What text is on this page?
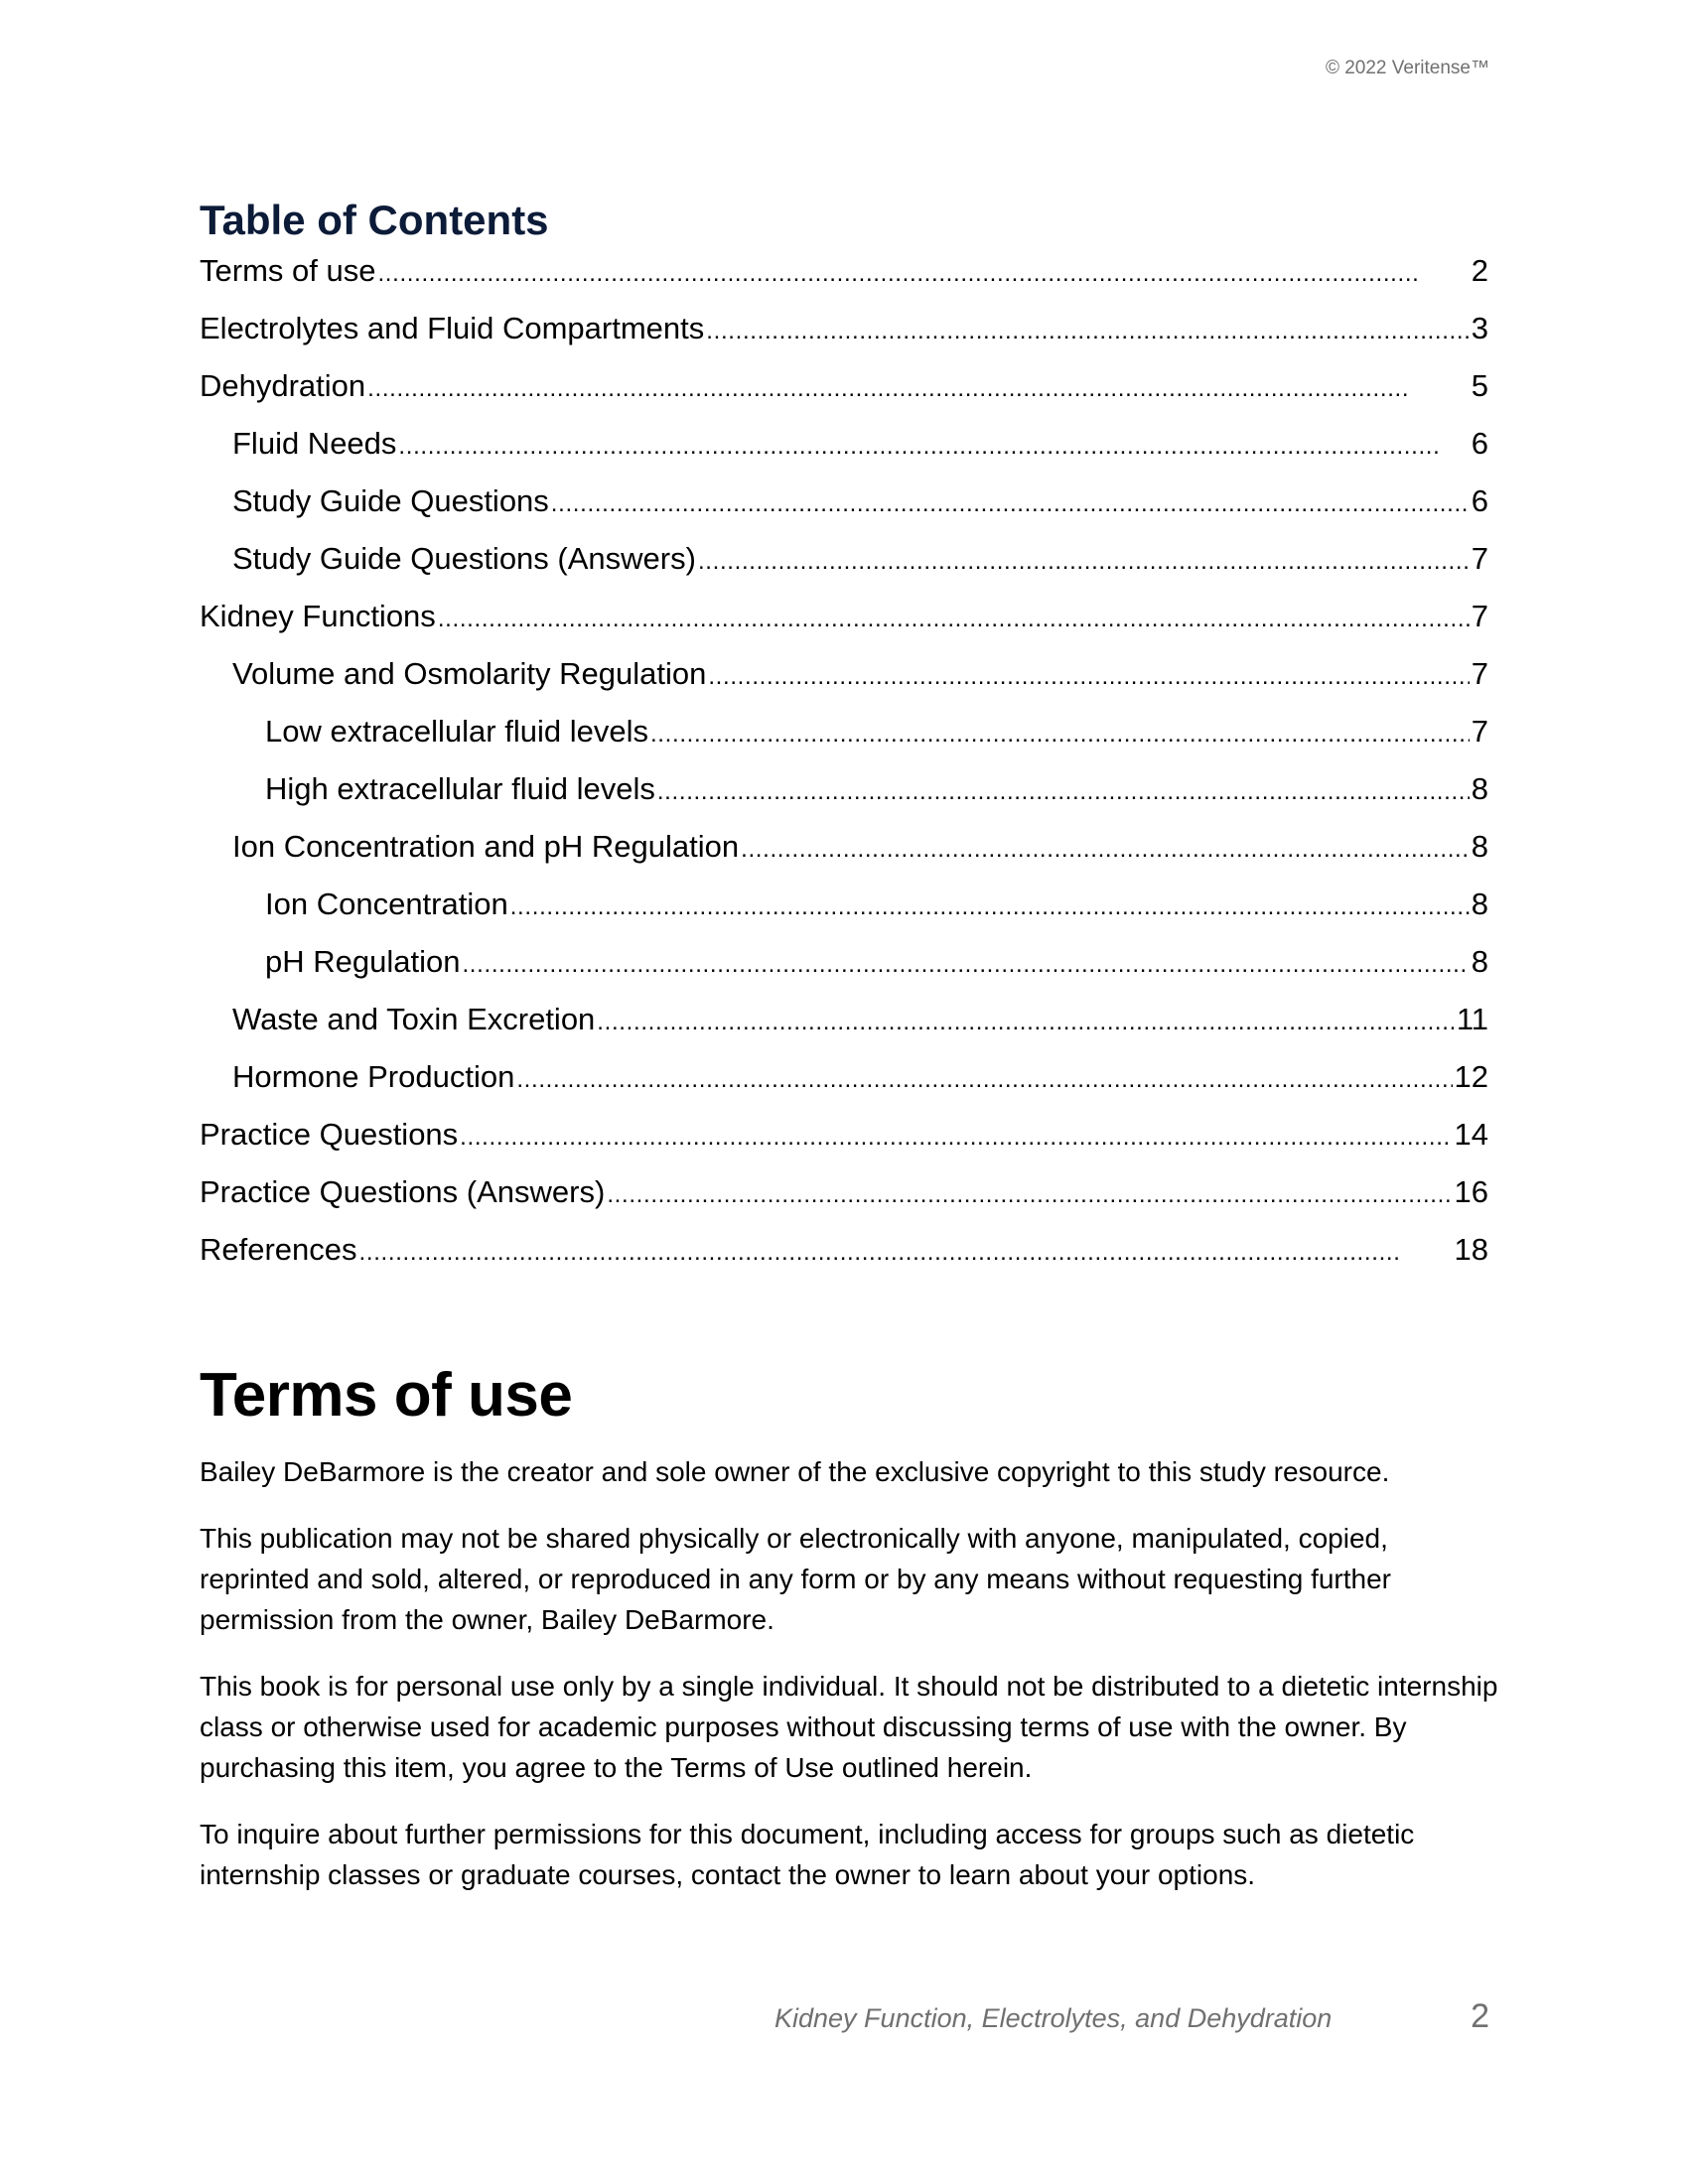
© 2022 Veritense™
Table of Contents
Terms of use . . .	2
Electrolytes and Fluid Compartments . . .	3
Dehydration . . .	5
Fluid Needs . . .	6
Study Guide Questions . . .	6
Study Guide Questions (Answers) . . .	7
Kidney Functions . . .	7
Volume and Osmolarity Regulation . . .	7
Low extracellular fluid levels . . .	7
High extracellular fluid levels . . .	8
Ion Concentration and pH Regulation . . .	8
Ion Concentration . . .	8
pH Regulation . . .	8
Waste and Toxin Excretion . . .	11
Hormone Production . . .	12
Practice Questions . . .	14
Practice Questions (Answers) . . .	16
References . . .	18
Terms of use

Bailey DeBarmore is the creator and sole owner of the exclusive copyright to this study resource.

This publication may not be shared physically or electronically with anyone, manipulated, copied, reprinted and sold, altered, or reproduced in any form or by any means without requesting further permission from the owner, Bailey DeBarmore.

This book is for personal use only by a single individual. It should not be distributed to a dietetic internship class or otherwise used for academic purposes without discussing terms of use with the owner. By purchasing this item, you agree to the Terms of Use outlined herein.

To inquire about further permissions for this document, including access for groups such as dietetic internship classes or graduate courses, contact the owner to learn about your options.

Kidney Function, Electrolytes, and Dehydration	2
